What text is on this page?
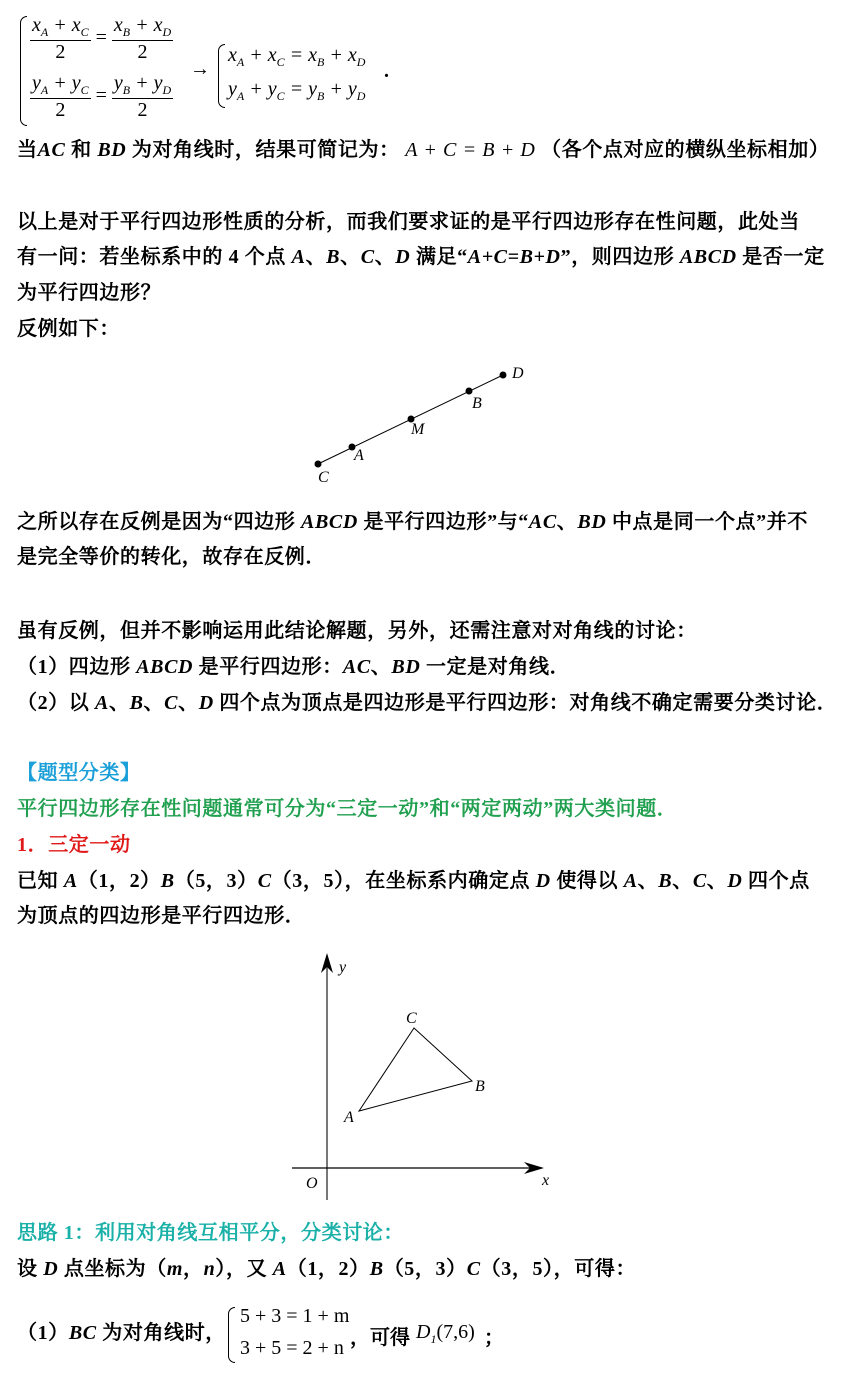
$\frac{x_A + x_C}{2} = \frac{x_B + x_D}{2}$
$\frac{y_A + y_C}{2} = \frac{y_B + y_D}{2}$
→
$x_A + x_C = x_B + x_D$
$y_A + y_C = y_B + y_D$
.
当AC 和 BD 为对角线时，结果可简记为： A + C = B + D （各个点对应的横纵坐标相加）
以上是对于平行四边形性质的分析，而我们要求证的是平行四边形存在性问题，此处当
有一问：若坐标系中的 4 个点 A、B、C、D 满足“A+C=B+D”，则四边形 ABCD 是否一定
为平行四边形？
反例如下：
之所以存在反例是因为“四边形 ABCD 是平行四边形”与“AC、BD 中点是同一个点”并不
是完全等价的转化，故存在反例．
虽有反例，但并不影响运用此结论解题，另外，还需注意对对角线的讨论：
（1）四边形 ABCD 是平行四边形：AC、BD 一定是对角线．
（2）以 A、B、C、D 四个点为顶点是四边形是平行四边形：对角线不确定需要分类讨论．
【题型分类】
平行四边形存在性问题通常可分为“三定一动”和“两定两动”两大类问题．
1．三定一动
已知 A（1，2）B（5，3）C（3，5），在坐标系内确定点 D 使得以 A、B、C、D 四个点
为顶点的四边形是平行四边形．
思路 1：利用对角线互相平分，分类讨论：
设 D 点坐标为（m，n），又 A（1，2）B（5，3）C（3，5），可得：
（1）BC 为对角线时，
5 + 3 = 1 + m
3 + 5 = 2 + n ，可得 $D_1(7,6)$ ；
C
A
M
B
D
y
x
O
A
B
C
